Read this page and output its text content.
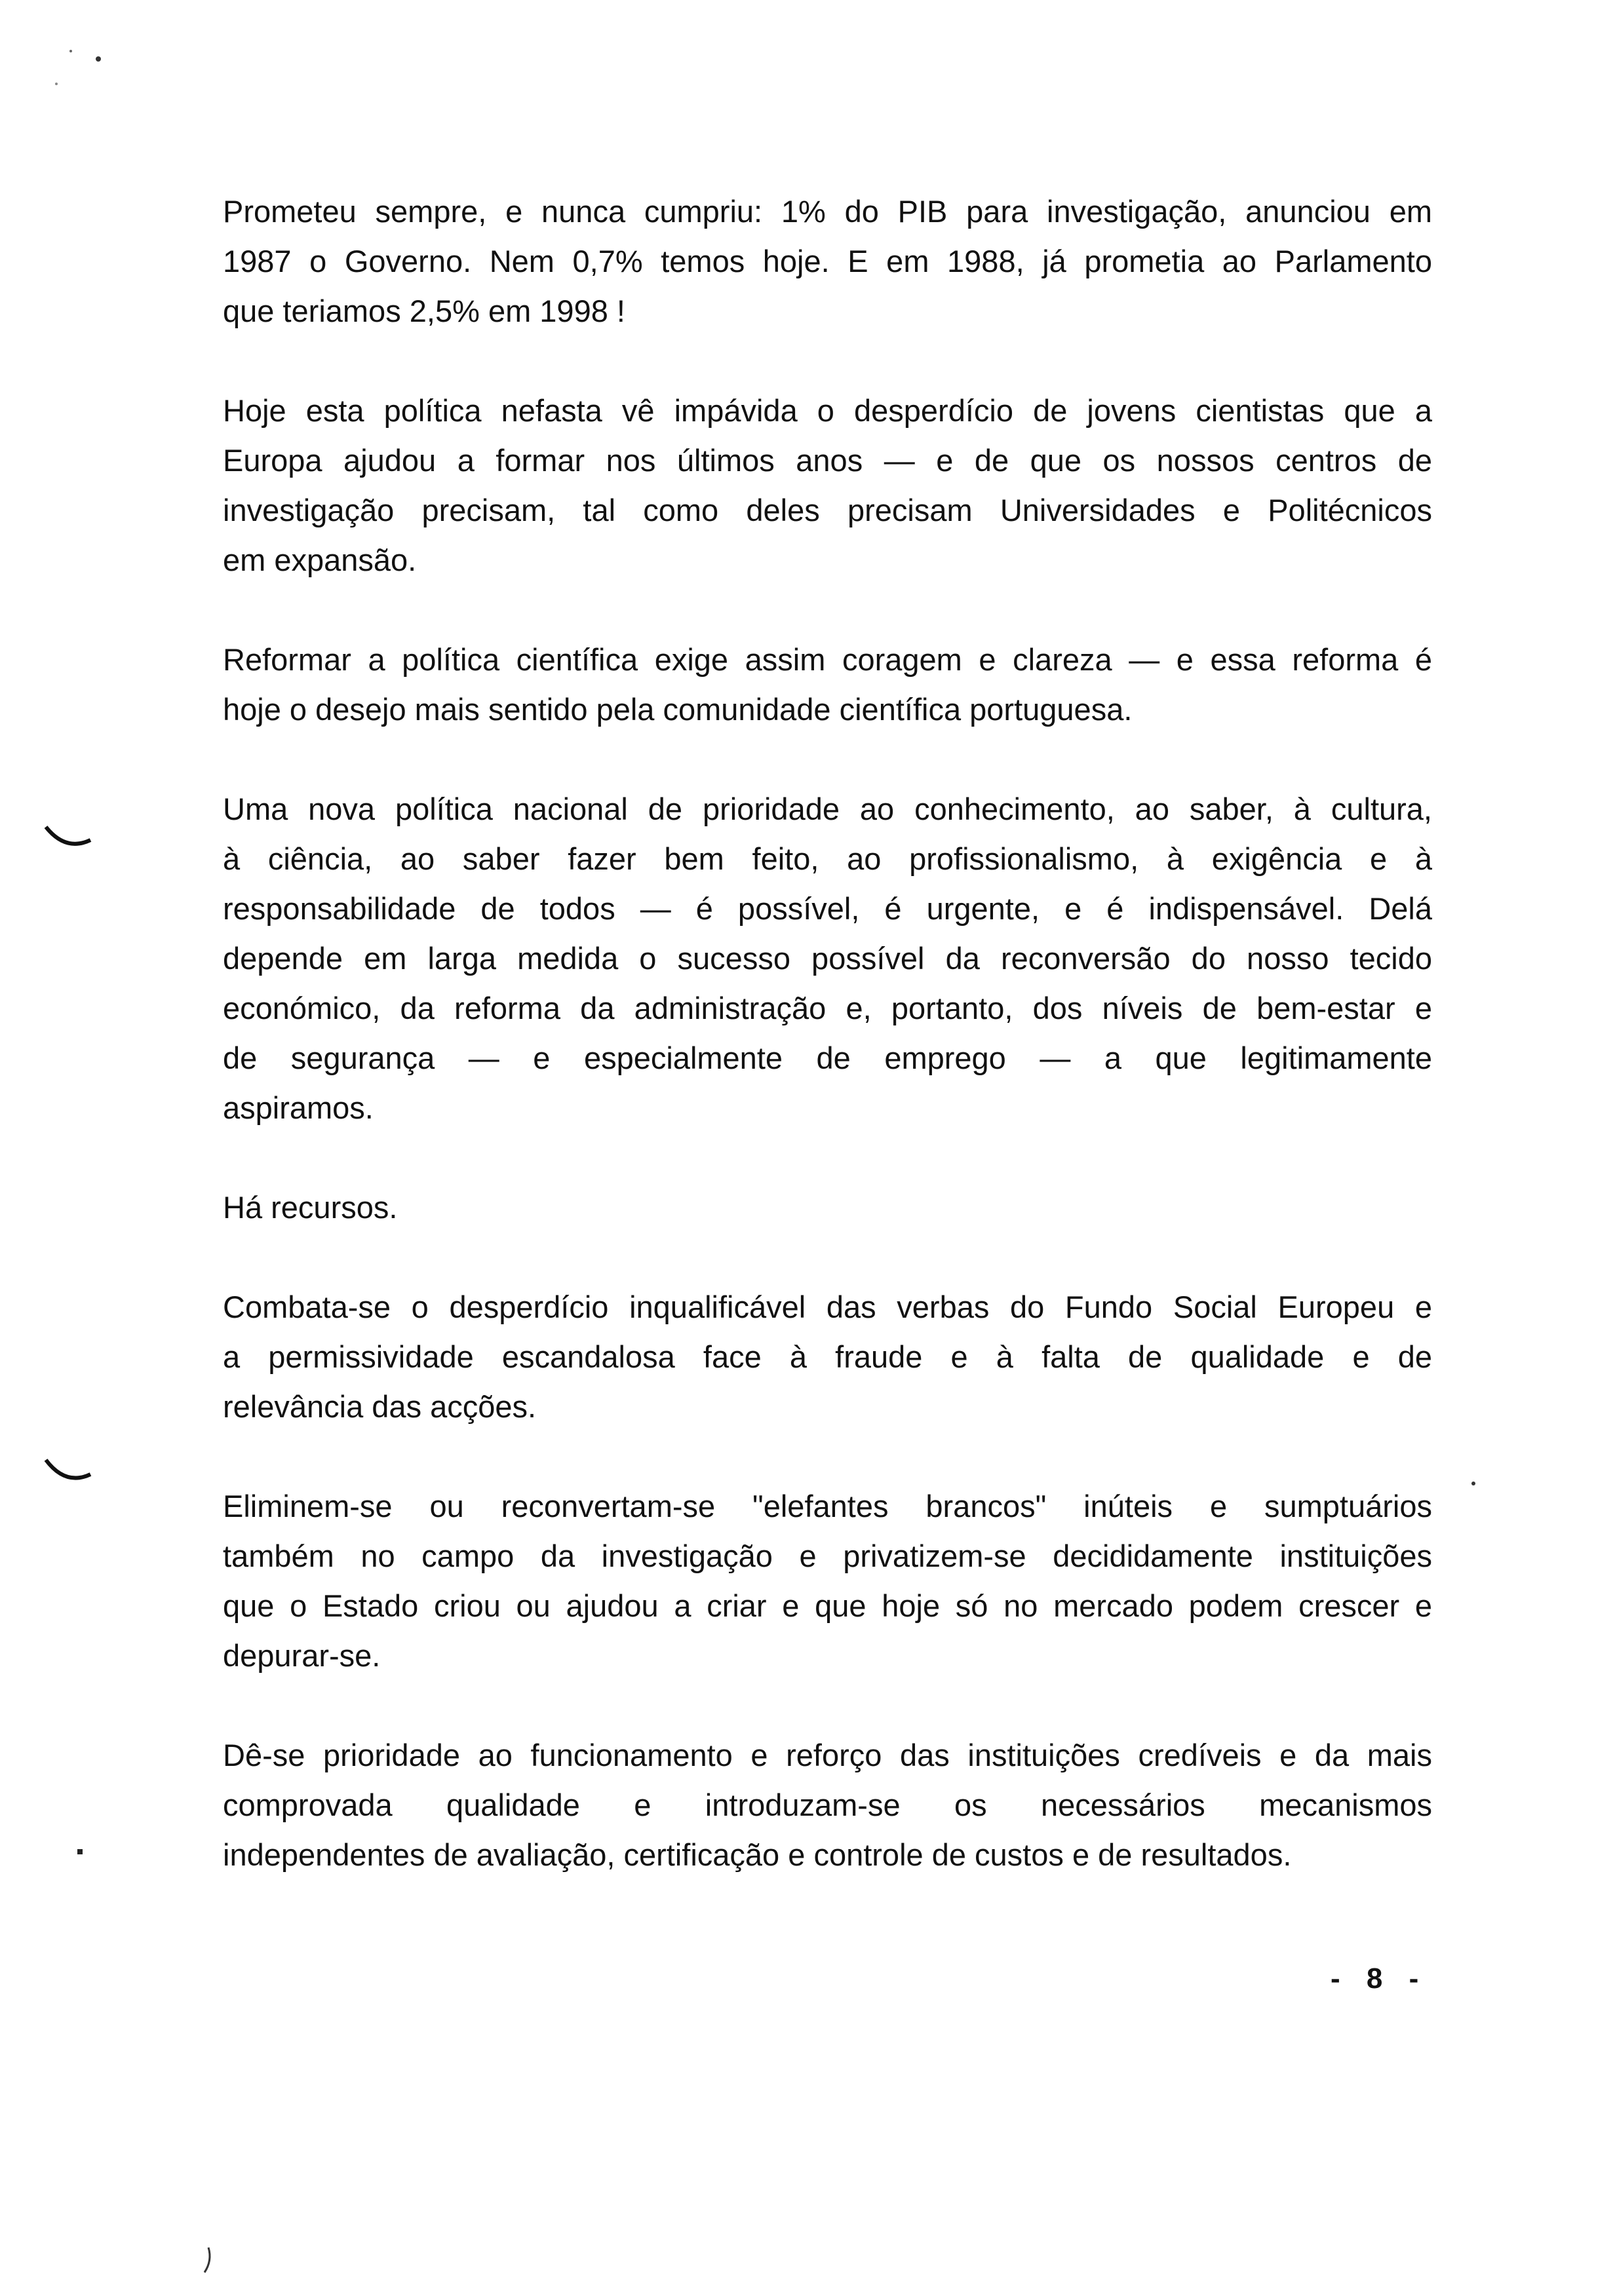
Prometeu sempre, e nunca cumpriu: 1% do PIB para investigação, anunciou em
1987 o Governo. Nem 0,7% temos hoje. E em 1988, já prometia ao Parlamento
que teriamos 2,5% em 1998 !
Hoje esta política nefasta vê impávida o desperdício de jovens cientistas que a
Europa ajudou a formar nos últimos anos — e de que os nossos centros de
investigação precisam, tal como deles precisam Universidades e Politécnicos
em expansão.
Reformar a política científica exige assim coragem e clareza — e essa reforma é
hoje o desejo mais sentido pela comunidade científica portuguesa.
Uma nova política nacional de prioridade ao conhecimento, ao saber, à cultura,
à ciência, ao saber fazer bem feito, ao profissionalismo, à exigência e à
responsabilidade de todos — é possível, é urgente, e é indispensável. Delá
depende em larga medida o sucesso possível da reconversão do nosso tecido
económico, da reforma da administração e, portanto, dos níveis de bem-estar e
de segurança — e especialmente de emprego — a que legitimamente
aspiramos.
Há recursos.
Combata-se o desperdício inqualificável das verbas do Fundo Social Europeu e
a permissividade escandalosa face à fraude e à falta de qualidade e de
relevância das acções.
Eliminem-se ou reconvertam-se "elefantes brancos" inúteis e sumptuários
também no campo da investigação e privatizem-se decididamente instituições
que o Estado criou ou ajudou a criar e que hoje só no mercado podem crescer e
depurar-se.
Dê-se prioridade ao funcionamento e reforço das instituições credíveis e da mais
comprovada qualidade e introduzam-se os necessários mecanismos
independentes de avaliação, certificação e controle de custos e de resultados.
- 8 -
